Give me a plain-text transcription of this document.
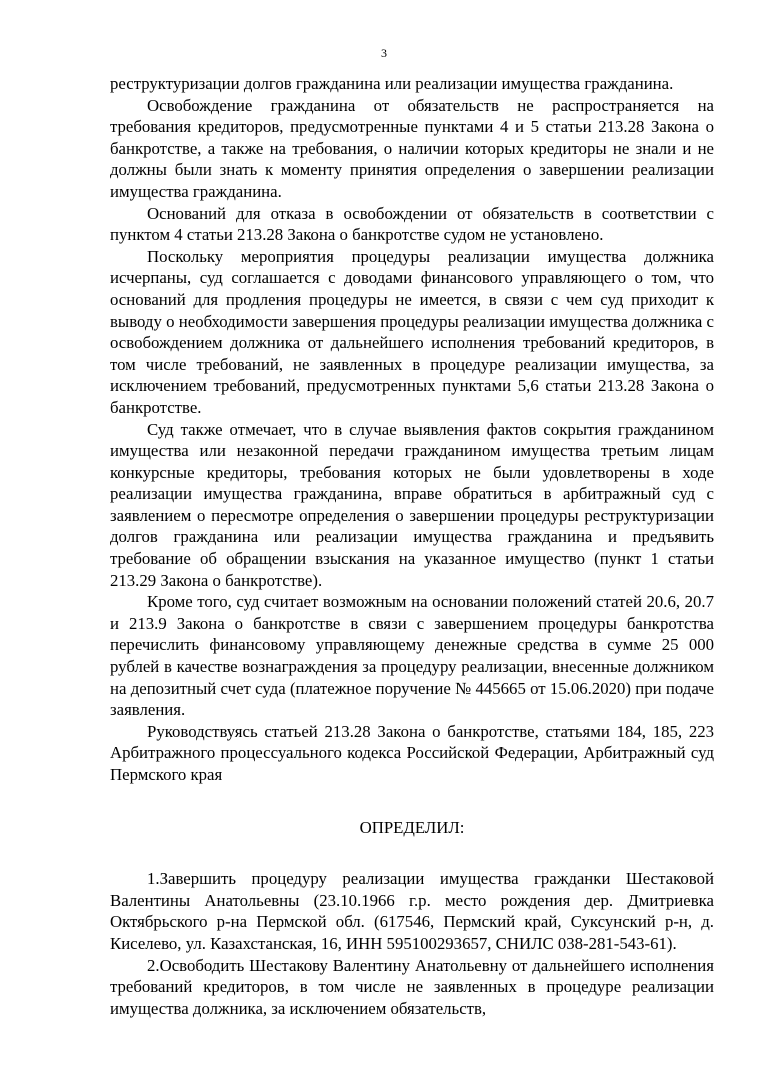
3

реструктуризации долгов гражданина или реализации имущества гражданина.

Освобождение гражданина от обязательств не распространяется на требования кредиторов, предусмотренные пунктами 4 и 5 статьи 213.28 Закона о банкротстве, а также на требования, о наличии которых кредиторы не знали и не должны были знать к моменту принятия определения о завершении реализации имущества гражданина.

Оснований для отказа в освобождении от обязательств в соответствии с пунктом 4 статьи 213.28 Закона о банкротстве судом не установлено.

Поскольку мероприятия процедуры реализации имущества должника исчерпаны, суд соглашается с доводами финансового управляющего о том, что оснований для продления процедуры не имеется, в связи с чем суд приходит к выводу о необходимости завершения процедуры реализации имущества должника с освобождением должника от дальнейшего исполнения требований кредиторов, в том числе требований, не заявленных в процедуре реализации имущества, за исключением требований, предусмотренных пунктами 5,6 статьи 213.28 Закона о банкротстве.

Суд также отмечает, что в случае выявления фактов сокрытия гражданином имущества или незаконной передачи гражданином имущества третьим лицам конкурсные кредиторы, требования которых не были удовлетворены в ходе реализации имущества гражданина, вправе обратиться в арбитражный суд с заявлением о пересмотре определения о завершении процедуры реструктуризации долгов гражданина или реализации имущества гражданина и предъявить требование об обращении взыскания на указанное имущество (пункт 1 статьи 213.29 Закона о банкротстве).

Кроме того, суд считает возможным на основании положений статей 20.6, 20.7 и 213.9 Закона о банкротстве в связи с завершением процедуры банкротства перечислить финансовому управляющему денежные средства в сумме 25 000 рублей в качестве вознаграждения за процедуру реализации, внесенные должником на депозитный счет суда (платежное поручение № 445665 от 15.06.2020) при подаче заявления.

Руководствуясь статьей 213.28 Закона о банкротстве, статьями 184, 185, 223 Арбитражного процессуального кодекса Российской Федерации, Арбитражный суд Пермского края

ОПРЕДЕЛИЛ:

1.Завершить процедуру реализации имущества гражданки Шестаковой Валентины Анатольевны (23.10.1966 г.р. место рождения дер. Дмитриевка Октябрьского р-на Пермской обл. (617546, Пермский край, Суксунский р-н, д. Киселево, ул. Казахстанская, 16, ИНН 595100293657, СНИЛС 038-281-543-61).

2.Освободить Шестакову Валентину Анатольевну от дальнейшего исполнения требований кредиторов, в том числе не заявленных в процедуре реализации имущества должника, за исключением обязательств,
